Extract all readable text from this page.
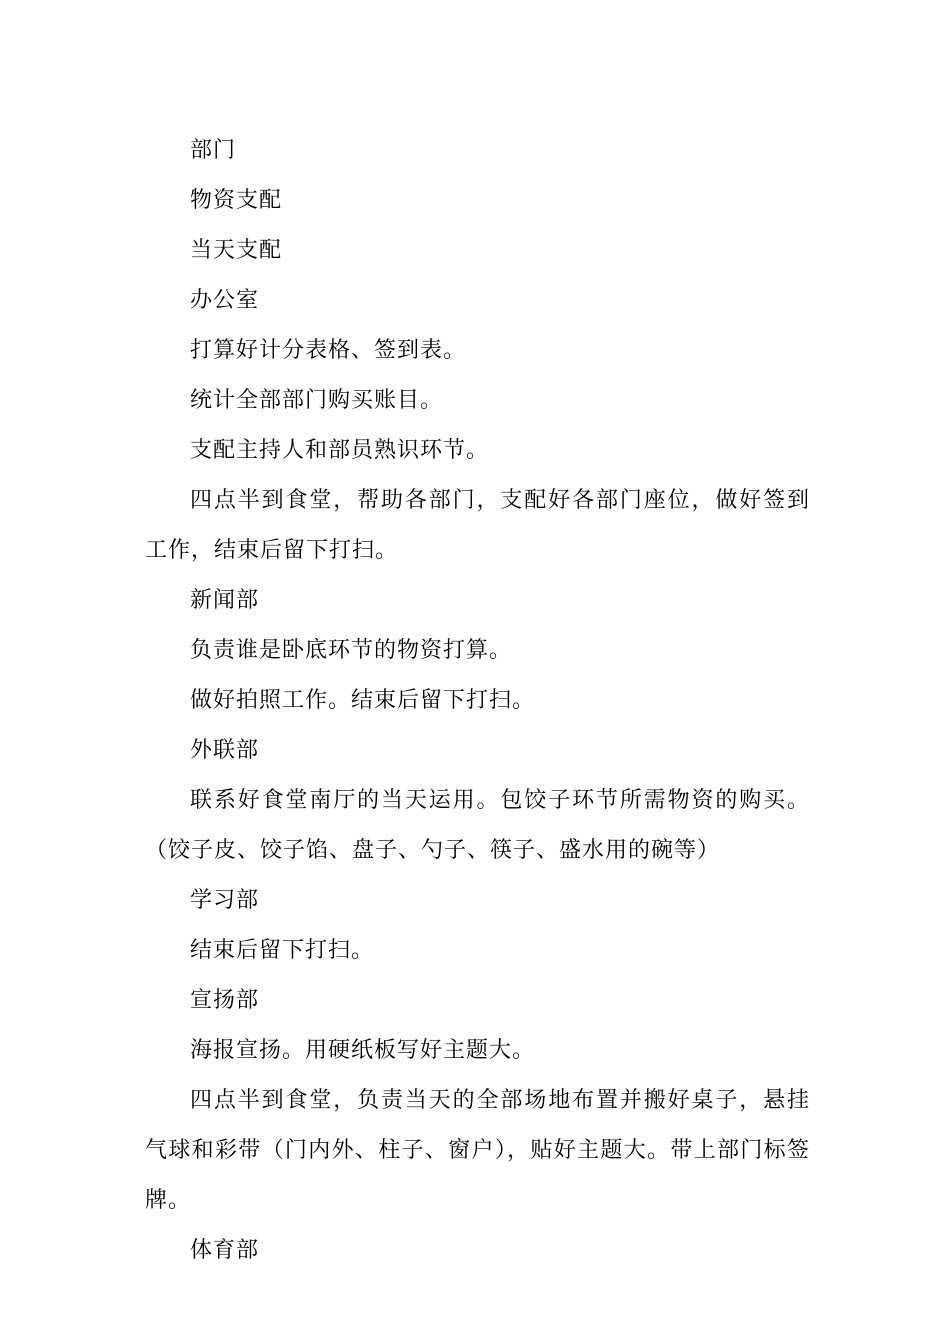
部门

物资支配

当天支配

办公室

打算好计分表格、签到表。

统计全部部门购买账目。

支配主持人和部员熟识环节。

四点半到食堂，帮助各部门，支配好各部门座位，做好签到工作，结束后留下打扫。

新闻部

负责谁是卧底环节的物资打算。

做好拍照工作。结束后留下打扫。

外联部

联系好食堂南厅的当天运用。包饺子环节所需物资的购买。（饺子皮、饺子馅、盘子、勺子、筷子、盛水用的碗等）

学习部

结束后留下打扫。

宣扬部

海报宣扬。用硬纸板写好主题大。

四点半到食堂，负责当天的全部场地布置并搬好桌子，悬挂气球和彩带（门内外、柱子、窗户），贴好主题大。带上部门标签牌。

体育部
